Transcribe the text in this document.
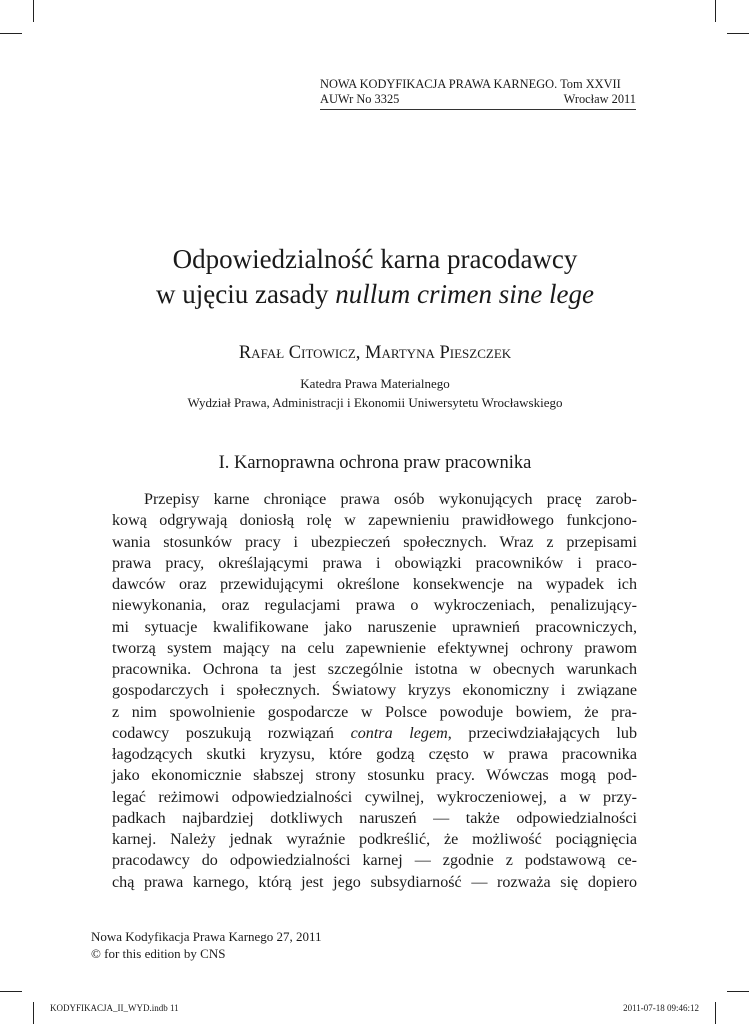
NOWA KODYFIKACJA PRAWA KARNEGO. Tom XXVII
AUWr No 3325	Wrocław 2011
Odpowiedzialność karna pracodawcy
w ujęciu zasady nullum crimen sine lege
Rafał Citowicz, Martyna Pieszczek
Katedra Prawa Materialnego
Wydział Prawa, Administracji i Ekonomii Uniwersytetu Wrocławskiego
I. Karnoprawna ochrona praw pracownika
Przepisy karne chroniące prawa osób wykonujących pracę zarob-
kową odgrywają doniosłą rolę w zapewnieniu prawidłowego funkcjono-
wania stosunków pracy i ubezpieczeń społecznych. Wraz z przepisami
prawa pracy, określającymi prawa i obowiązki pracowników i praco-
dawców oraz przewidującymi określone konsekwencje na wypadek ich
niewykonania, oraz regulacjami prawa o wykroczeniach, penalizujący-
mi sytuacje kwalifikowane jako naruszenie uprawnień pracowniczych,
tworzą system mający na celu zapewnienie efektywnej ochrony prawom
pracownika. Ochrona ta jest szczególnie istotna w obecnych warunkach
gospodarczych i społecznych. Światowy kryzys ekonomiczny i związane
z nim spowolnienie gospodarcze w Polsce powoduje bowiem, że pra-
codawcy poszukują rozwiązań contra legem, przeciwdziałających lub
łagodzących skutki kryzysu, które godzą często w prawa pracownika
jako ekonomicznie słabszej strony stosunku pracy. Wówczas mogą pod-
legać reżimowi odpowiedzialności cywilnej, wykroczeniowej, a w przy-
padkach najbardziej dotkliwych naruszeń — także odpowiedzialności
karnej. Należy jednak wyraźnie podkreślić, że możliwość pociągnięcia
pracodawcy do odpowiedzialności karnej — zgodnie z podstawową ce-
chą prawa karnego, którą jest jego subsydiarność — rozważa się dopiero
Nowa Kodyfikacja Prawa Karnego 27, 2011
© for this edition by CNS
KODYFIKACJA_II_WYD.indb 11	2011-07-18 09:46:12
